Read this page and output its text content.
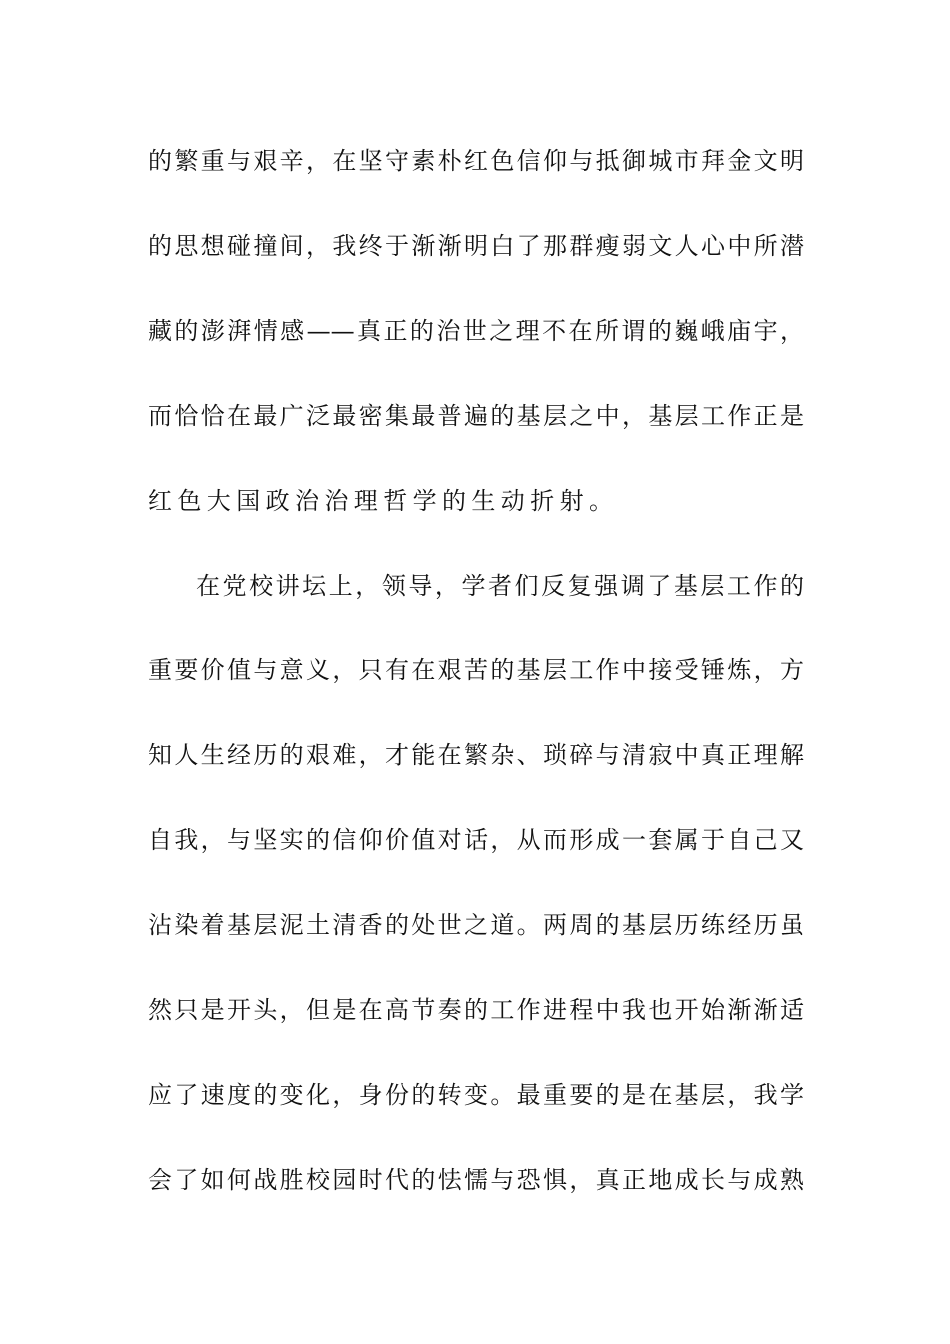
的繁重与艰辛，在坚守素朴红色信仰与抵御城市拜金文明
的思想碰撞间，我终于渐渐明白了那群瘦弱文人心中所潜
藏的澎湃情感——真正的治世之理不在所谓的巍峨庙宇，
而恰恰在最广泛最密集最普遍的基层之中，基层工作正是
红色大国政治治理哲学的生动折射。
在党校讲坛上，领导，学者们反复强调了基层工作的
重要价值与意义，只有在艰苦的基层工作中接受锤炼，方
知人生经历的艰难，才能在繁杂、琐碎与清寂中真正理解
自我，与坚实的信仰价值对话，从而形成一套属于自己又
沾染着基层泥土清香的处世之道。两周的基层历练经历虽
然只是开头，但是在高节奏的工作进程中我也开始渐渐适
应了速度的变化，身份的转变。最重要的是在基层，我学
会了如何战胜校园时代的怯懦与恐惧，真正地成长与成熟
